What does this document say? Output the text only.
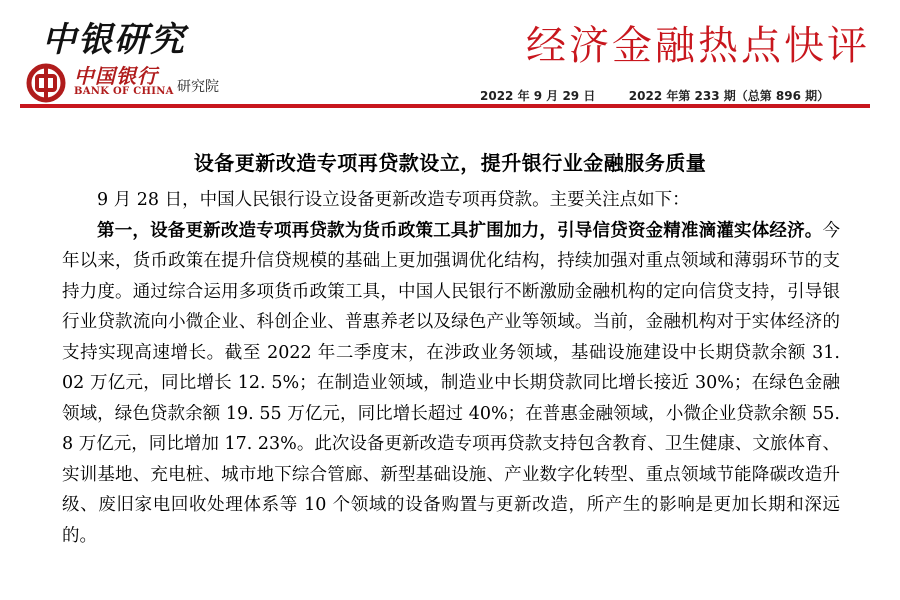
中银研究
中国银行
BANK OF CHINA 研究院
经济金融热点快评
2022 年 9 月 29 日	2022 年第 233 期（总第 896 期）
设备更新改造专项再贷款设立，提升银行业金融服务质量

9 月 28 日，中国人民银行设立设备更新改造专项再贷款。主要关注点如下：

第一，设备更新改造专项再贷款为货币政策工具扩围加力，引导信贷资金精准滴灌实体经济。今年以来，货币政策在提升信贷规模的基础上更加强调优化结构，持续加强对重点领域和薄弱环节的支持力度。通过综合运用多项货币政策工具，中国人民银行不断激励金融机构的定向信贷支持，引导银行业贷款流向小微企业、科创企业、普惠养老以及绿色产业等领域。当前，金融机构对于实体经济的支持实现高速增长。截至 2022 年二季度末，在涉政业务领域，基础设施建设中长期贷款余额 31. 02 万亿元，同比增长 12. 5%；在制造业领域，制造业中长期贷款同比增长接近 30%；在绿色金融领域，绿色贷款余额 19. 55 万亿元，同比增长超过 40%；在普惠金融领域，小微企业贷款余额 55. 8 万亿元，同比增加 17. 23%。此次设备更新改造专项再贷款支持包含教育、卫生健康、文旅体育、实训基地、充电桩、城市地下综合管廊、新型基础设施、产业数字化转型、重点领域节能降碳改造升级、废旧家电回收处理体系等 10 个领域的设备购置与更新改造，所产生的影响是更加长期和深远的。
